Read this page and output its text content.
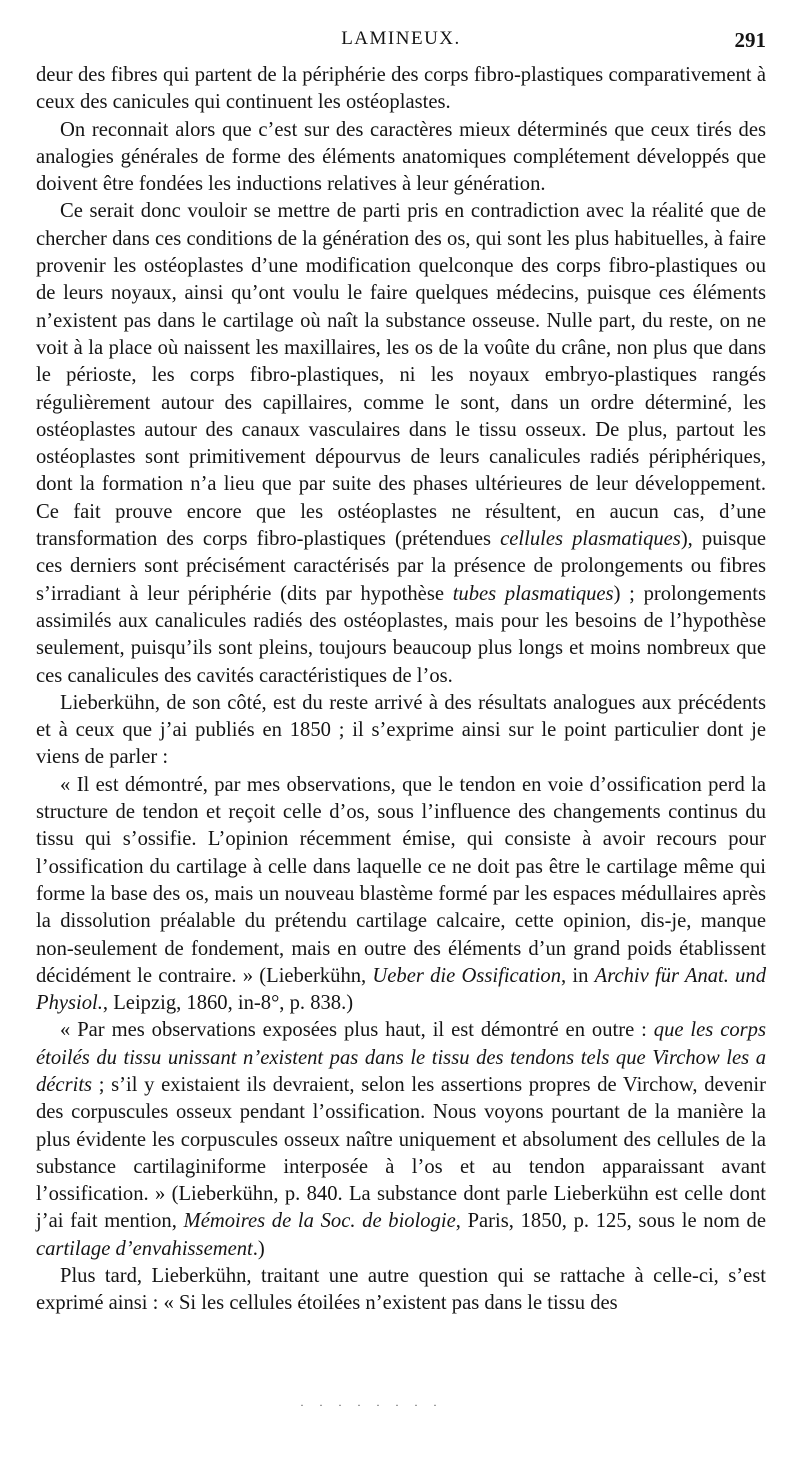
LAMINEUX.	291

deur des fibres qui partent de la périphérie des corps fibro-plastiques comparativement à ceux des canicules qui continuent les ostéoplastes.

On reconnait alors que c’est sur des caractères mieux déterminés que ceux tirés des analogies générales de forme des éléments anatomiques complétement développés que doivent être fondées les inductions relatives à leur génération.

Ce serait donc vouloir se mettre de parti pris en contradiction avec la réalité que de chercher dans ces conditions de la génération des os, qui sont les plus habituelles, à faire provenir les ostéoplastes d’une modification quelconque des corps fibro-plastiques ou de leurs noyaux, ainsi qu’ont voulu le faire quelques médecins, puisque ces éléments n’existent pas dans le cartilage où naît la substance osseuse. Nulle part, du reste, on ne voit à la place où naissent les maxillaires, les os de la voûte du crâne, non plus que dans le périoste, les corps fibro-plastiques, ni les noyaux embryo-plastiques rangés régulièrement autour des capillaires, comme le sont, dans un ordre déterminé, les ostéoplastes autour des canaux vasculaires dans le tissu osseux. De plus, partout les ostéoplastes sont primitivement dépourvus de leurs canalicules radiés périphériques, dont la formation n’a lieu que par suite des phases ultérieures de leur développement. Ce fait prouve encore que les ostéoplastes ne résultent, en aucun cas, d’une transformation des corps fibro-plastiques (prétendues cellules plasmatiques), puisque ces derniers sont précisément caractérisés par la présence de prolongements ou fibres s’irradiant à leur périphérie (dits par hypothèse tubes plasmatiques) ; prolongements assimilés aux canalicules radiés des ostéoplastes, mais pour les besoins de l’hypothèse seulement, puisqu’ils sont pleins, toujours beaucoup plus longs et moins nombreux que ces canalicules des cavités caractéristiques de l’os.

Lieberkühn, de son côté, est du reste arrivé à des résultats analogues aux précédents et à ceux que j’ai publiés en 1850 ; il s’exprime ainsi sur le point particulier dont je viens de parler :

« Il est démontré, par mes observations, que le tendon en voie d’ossification perd la structure de tendon et reçoit celle d’os, sous l’influence des changements continus du tissu qui s’ossifie. L’opinion récemment émise, qui consiste à avoir recours pour l’ossification du cartilage à celle dans laquelle ce ne doit pas être le cartilage même qui forme la base des os, mais un nouveau blastème formé par les espaces médullaires après la dissolution préalable du prétendu cartilage calcaire, cette opinion, dis-je, manque non-seulement de fondement, mais en outre des éléments d’un grand poids établissent décidément le contraire. » (Lieberkühn, Ueber die Ossification, in Archiv für Anat. und Physiol., Leipzig, 1860, in-8°, p. 838.)

« Par mes observations exposées plus haut, il est démontré en outre : que les corps étoilés du tissu unissant n’existent pas dans le tissu des tendons tels que Virchow les a décrits ; s’il y existaient ils devraient, selon les assertions propres de Virchow, devenir des corpuscules osseux pendant l’ossification. Nous voyons pourtant de la manière la plus évidente les corpuscules osseux naître uniquement et absolument des cellules de la substance cartilaginiforme interposée à l’os et au tendon apparaissant avant l’ossification. » (Lieberkühn, p. 840. La substance dont parle Lieberkühn est celle dont j’ai fait mention, Mémoires de la Soc. de biologie, Paris, 1850, p. 125, sous le nom de cartilage d’envahissement.)

Plus tard, Lieberkühn, traitant une autre question qui se rattache à celle-ci, s’est exprimé ainsi : « Si les cellules étoilées n’existent pas dans le tissu des

· · · · · · · ·
